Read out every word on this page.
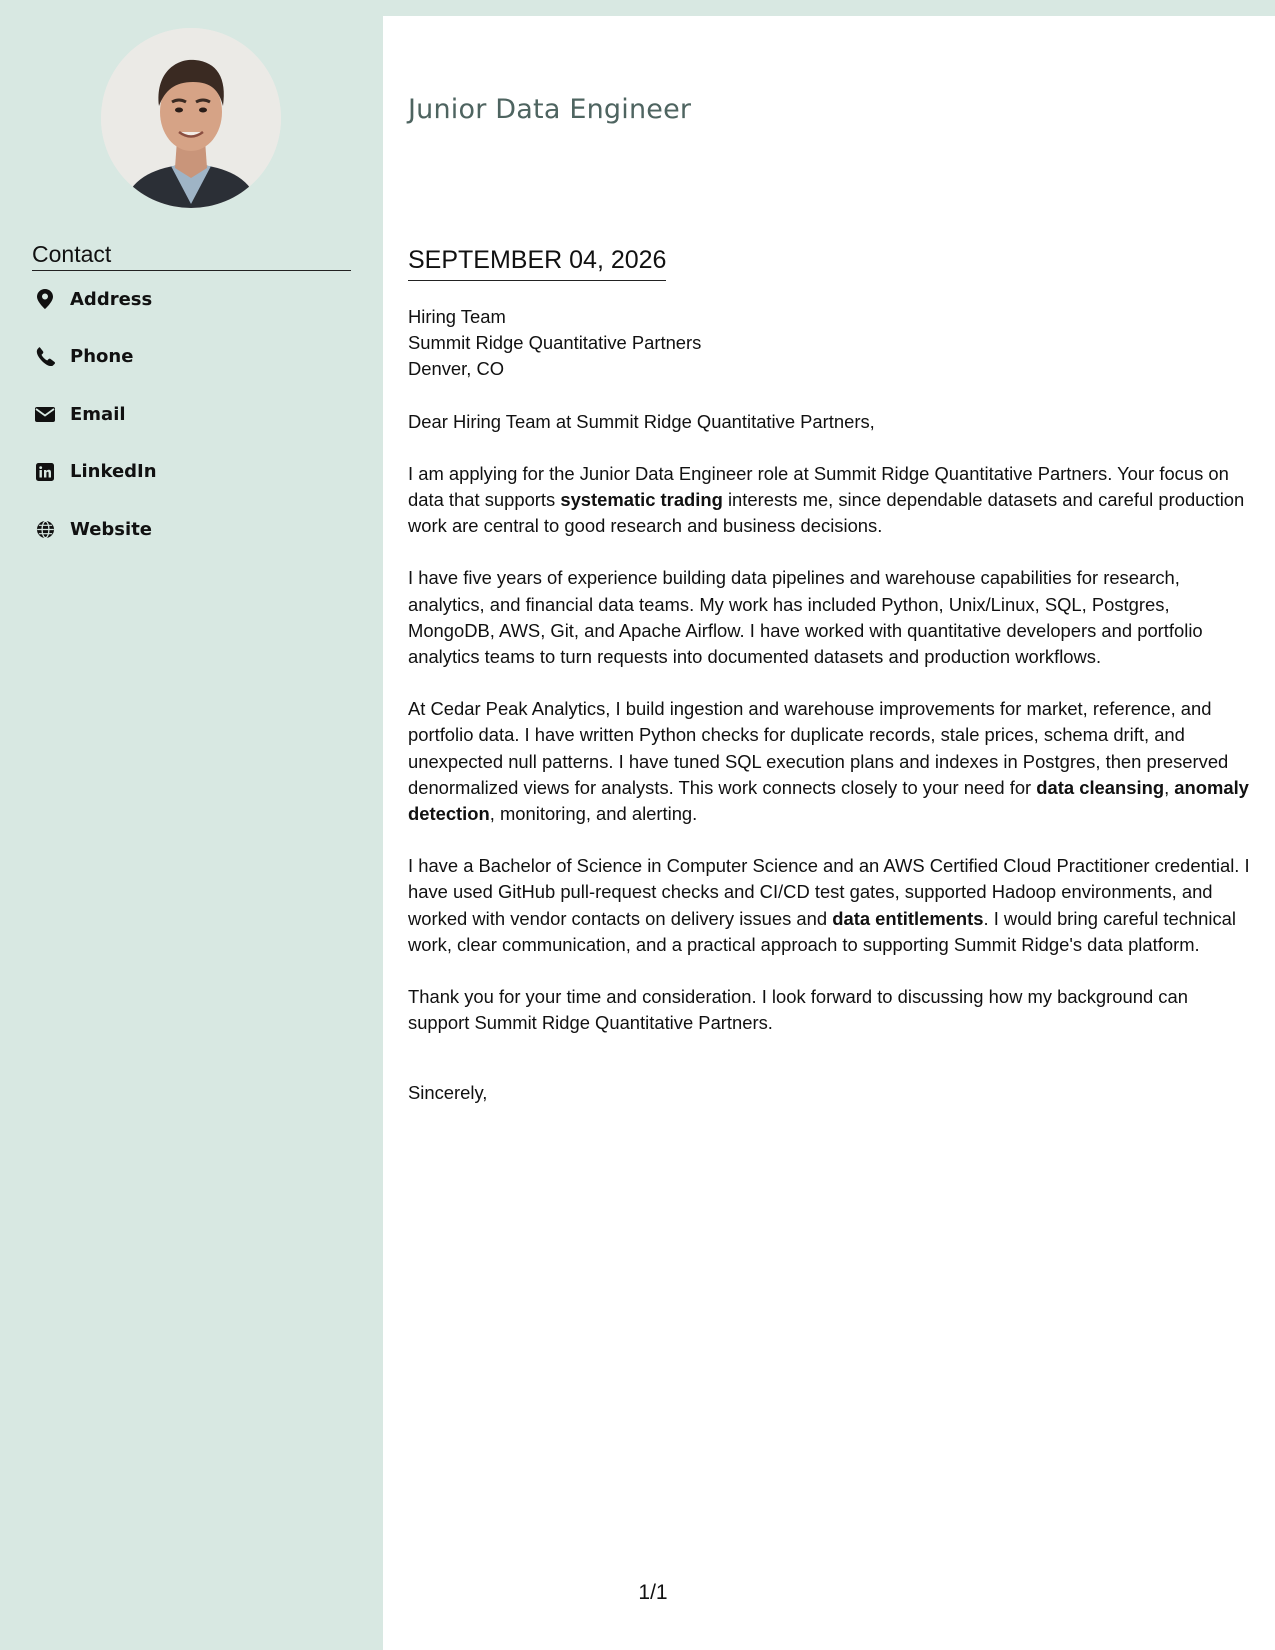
Contact
Address
Phone
Email
LinkedIn
Website
Junior Data Engineer
SEPTEMBER 04, 2026

Hiring Team
Summit Ridge Quantitative Partners
Denver, CO

Dear Hiring Team at Summit Ridge Quantitative Partners,

I am applying for the Junior Data Engineer role at Summit Ridge Quantitative Partners. Your focus on data that supports systematic trading interests me, since dependable datasets and careful production work are central to good research and business decisions.

I have five years of experience building data pipelines and warehouse capabilities for research, analytics, and financial data teams. My work has included Python, Unix/Linux, SQL, Postgres, MongoDB, AWS, Git, and Apache Airflow. I have worked with quantitative developers and portfolio analytics teams to turn requests into documented datasets and production workflows.

At Cedar Peak Analytics, I build ingestion and warehouse improvements for market, reference, and portfolio data. I have written Python checks for duplicate records, stale prices, schema drift, and unexpected null patterns. I have tuned SQL execution plans and indexes in Postgres, then preserved denormalized views for analysts. This work connects closely to your need for data cleansing, anomaly detection, monitoring, and alerting.

I have a Bachelor of Science in Computer Science and an AWS Certified Cloud Practitioner credential. I have used GitHub pull-request checks and CI/CD test gates, supported Hadoop environments, and worked with vendor contacts on delivery issues and data entitlements. I would bring careful technical work, clear communication, and a practical approach to supporting Summit Ridge's data platform.

Thank you for your time and consideration. I look forward to discussing how my background can support Summit Ridge Quantitative Partners.

Sincerely,

1/1
